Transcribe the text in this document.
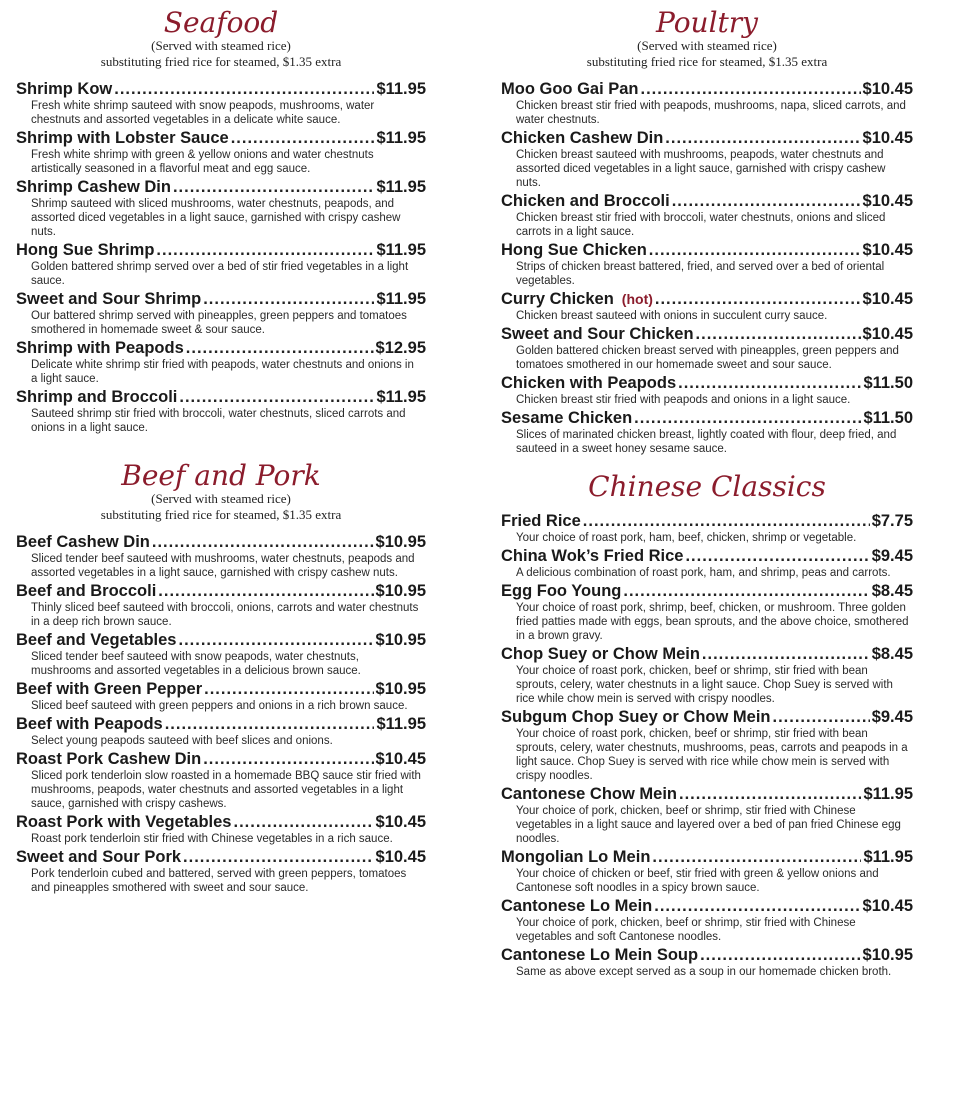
Seafood
(Served with steamed rice)
substituting fried rice for steamed, $1.35 extra
Shrimp Kow .....	$11.95
Fresh white shrimp sauteed with snow peapods, mushrooms, water chestnuts and assorted vegetables in a delicate white sauce.
Shrimp with Lobster Sauce .....	$11.95
Fresh white shrimp with green & yellow onions and water chestnuts artistically seasoned in a flavorful meat and egg sauce.
Shrimp Cashew Din .....	$11.95
Shrimp sauteed with sliced mushrooms, water chestnuts, peapods, and assorted diced vegetables in a light sauce, garnished with crispy cashew nuts.
Hong Sue Shrimp .....	$11.95
Golden battered shrimp served over a bed of stir fried vegetables in a light sauce.
Sweet and Sour Shrimp .....	$11.95
Our battered shrimp served with pineapples, green peppers and tomatoes smothered in homemade sweet & sour sauce.
Shrimp with Peapods .....	$12.95
Delicate white shrimp stir fried with peapods, water chestnuts and onions in a light sauce.
Shrimp and Broccoli .....	$11.95
Sauteed shrimp stir fried with broccoli, water chestnuts, sliced carrots and onions in a light sauce.
Beef and Pork
(Served with steamed rice)
substituting fried rice for steamed, $1.35 extra
Beef Cashew Din .....	$10.95
Sliced tender beef sauteed with mushrooms, water chestnuts, peapods and assorted vegetables in a light sauce, garnished with crispy cashew nuts.
Beef and Broccoli .....	$10.95
Thinly sliced beef sauteed with broccoli, onions, carrots and water chestnuts in a deep rich brown sauce.
Beef and Vegetables .....	$10.95
Sliced tender beef sauteed with snow peapods, water chestnuts, mushrooms and assorted vegetables in a delicious brown sauce.
Beef with Green Pepper .....	$10.95
Sliced beef sauteed with green peppers and onions in a rich brown sauce.
Beef with Peapods .....	$11.95
Select young peapods sauteed with beef slices and onions.
Roast Pork Cashew Din .....	$10.45
Sliced pork tenderloin slow roasted in a homemade BBQ sauce stir fried with mushrooms, peapods, water chestnuts and assorted vegetables in a light sauce, garnished with crispy cashews.
Roast Pork with Vegetables .....	$10.45
Roast pork tenderloin stir fried with Chinese vegetables in a rich sauce.
Sweet and Sour Pork .....	$10.45
Pork tenderloin cubed and battered, served with green peppers, tomatoes and pineapples smothered with sweet and sour sauce.
Poultry
(Served with steamed rice)
substituting fried rice for steamed, $1.35 extra
Moo Goo Gai Pan .....	$10.45
Chicken breast stir fried with peapods, mushrooms, napa, sliced carrots, and water chestnuts.
Chicken Cashew Din .....	$10.45
Chicken breast sauteed with mushrooms, peapods, water chestnuts and assorted diced vegetables in a light sauce, garnished with crispy cashew nuts.
Chicken and Broccoli .....	$10.45
Chicken breast stir fried with broccoli, water chestnuts, onions and sliced carrots in a light sauce.
Hong Sue Chicken .....	$10.45
Strips of chicken breast battered, fried, and served over a bed of oriental vegetables.
Curry Chicken (hot) .....	$10.45
Chicken breast sauteed with onions in succulent curry sauce.
Sweet and Sour Chicken .....	$10.45
Golden battered chicken breast served with pineapples, green peppers and tomatoes smothered in our homemade sweet and sour sauce.
Chicken with Peapods .....	$11.50
Chicken breast stir fried with peapods and onions in a light sauce.
Sesame Chicken .....	$11.50
Slices of marinated chicken breast, lightly coated with flour, deep fried, and sauteed in a sweet honey sesame sauce.
Chinese Classics
Fried Rice .....	$7.75
Your choice of roast pork, ham, beef, chicken, shrimp or vegetable.
China Wok’s Fried Rice .....	$9.45
A delicious combination of roast pork, ham, and shrimp, peas and carrots.
Egg Foo Young .....	$8.45
Your choice of roast pork, shrimp, beef, chicken, or mushroom. Three golden fried patties made with eggs, bean sprouts, and the above choice, smothered in a brown gravy.
Chop Suey or Chow Mein .....	$8.45
Your choice of roast pork, chicken, beef or shrimp, stir fried with bean sprouts, celery, water chestnuts in a light sauce. Chop Suey is served with rice while chow mein is served with crispy noodles.
Subgum Chop Suey or Chow Mein .....	$9.45
Your choice of roast pork, chicken, beef or shrimp, stir fried with bean sprouts, celery, water chestnuts, mushrooms, peas, carrots and peapods in a light sauce. Chop Suey is served with rice while chow mein is served with crispy noodles.
Cantonese Chow Mein .....	$11.95
Your choice of pork, chicken, beef or shrimp, stir fried with Chinese vegetables in a light sauce and layered over a bed of pan fried Chinese egg noodles.
Mongolian Lo Mein .....	$11.95
Your choice of chicken or beef, stir fried with green & yellow onions and Cantonese soft noodles in a spicy brown sauce.
Cantonese Lo Mein .....	$10.45
Your choice of pork, chicken, beef or shrimp, stir fried with Chinese vegetables and soft Cantonese noodles.
Cantonese Lo Mein Soup .....	$10.95
Same as above except served as a soup in our homemade chicken broth.
